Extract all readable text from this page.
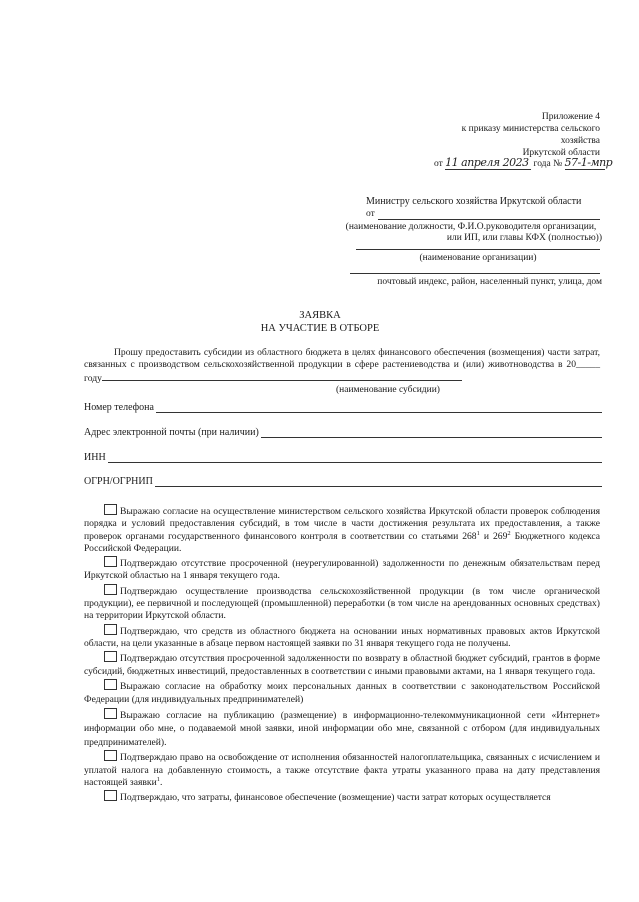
Приложение 4
к приказу министерства сельского
хозяйства
Иркутской области
от 11 апреля 2023 года № 57-1-мпр
Министру сельского хозяйства Иркутской области
от
(наименование должности, Ф.И.О.руководителя организации,
или ИП, или главы КФХ (полностью))
(наименование организации)
почтовый индекс, район, населенный пункт, улица, дом
ЗАЯВКА
НА УЧАСТИЕ В ОТБОРЕ
Прошу предоставить субсидии из областного бюджета в целях финансового обеспечения (возмещения) части затрат, связанных с производством сельскохозяйственной продукции в сфере растениеводства и (или) животноводства в 20_____ году
(наименование субсидии)
Номер телефона
Адрес электронной почты (при наличии)
ИНН
ОГРН/ОГРНИП
Выражаю согласие на осуществление министерством сельского хозяйства Иркутской области проверок соблюдения порядка и условий предоставления субсидий, в том числе в части достижения результата их предоставления, а также проверок органами государственного финансового контроля в соответствии со статьями $268^1$ и $269^2$ Бюджетного кодекса Российской Федерации.
Подтверждаю отсутствие просроченной (неурегулированной) задолженности по денежным обязательствам перед Иркутской областью на 1 января текущего года.
Подтверждаю осуществление производства сельскохозяйственной продукции (в том числе органической продукции), ее первичной и последующей (промышленной) переработки (в том числе на арендованных основных средствах) на территории Иркутской области.
Подтверждаю, что средств из областного бюджета на основании иных нормативных правовых актов Иркутской области, на цели указанные в абзаце первом настоящей заявки по 31 января текущего года не получены.
Подтверждаю отсутствия просроченной задолженности по возврату в областной бюджет субсидий, грантов в форме субсидий, бюджетных инвестиций, предоставленных в соответствии с иными правовыми актами, на 1 января текущего года.
Выражаю согласие на обработку моих персональных данных в соответствии с законодательством Российской Федерации (для индивидуальных предпринимателей)
Выражаю согласие на публикацию (размещение) в информационно-телекоммуникационной сети «Интернет» информации обо мне, о подаваемой мной заявки, иной информации обо мне, связанной с отбором (для индивидуальных предпринимателей).
Подтверждаю право на освобождение от исполнения обязанностей налогоплательщика, связанных с исчислением и уплатой налога на добавленную стоимость, а также отсутствие факта утраты указанного права на дату представления настоящей заявки$^1$.
Подтверждаю, что затраты, финансовое обеспечение (возмещение) части затрат которых осуществляется
